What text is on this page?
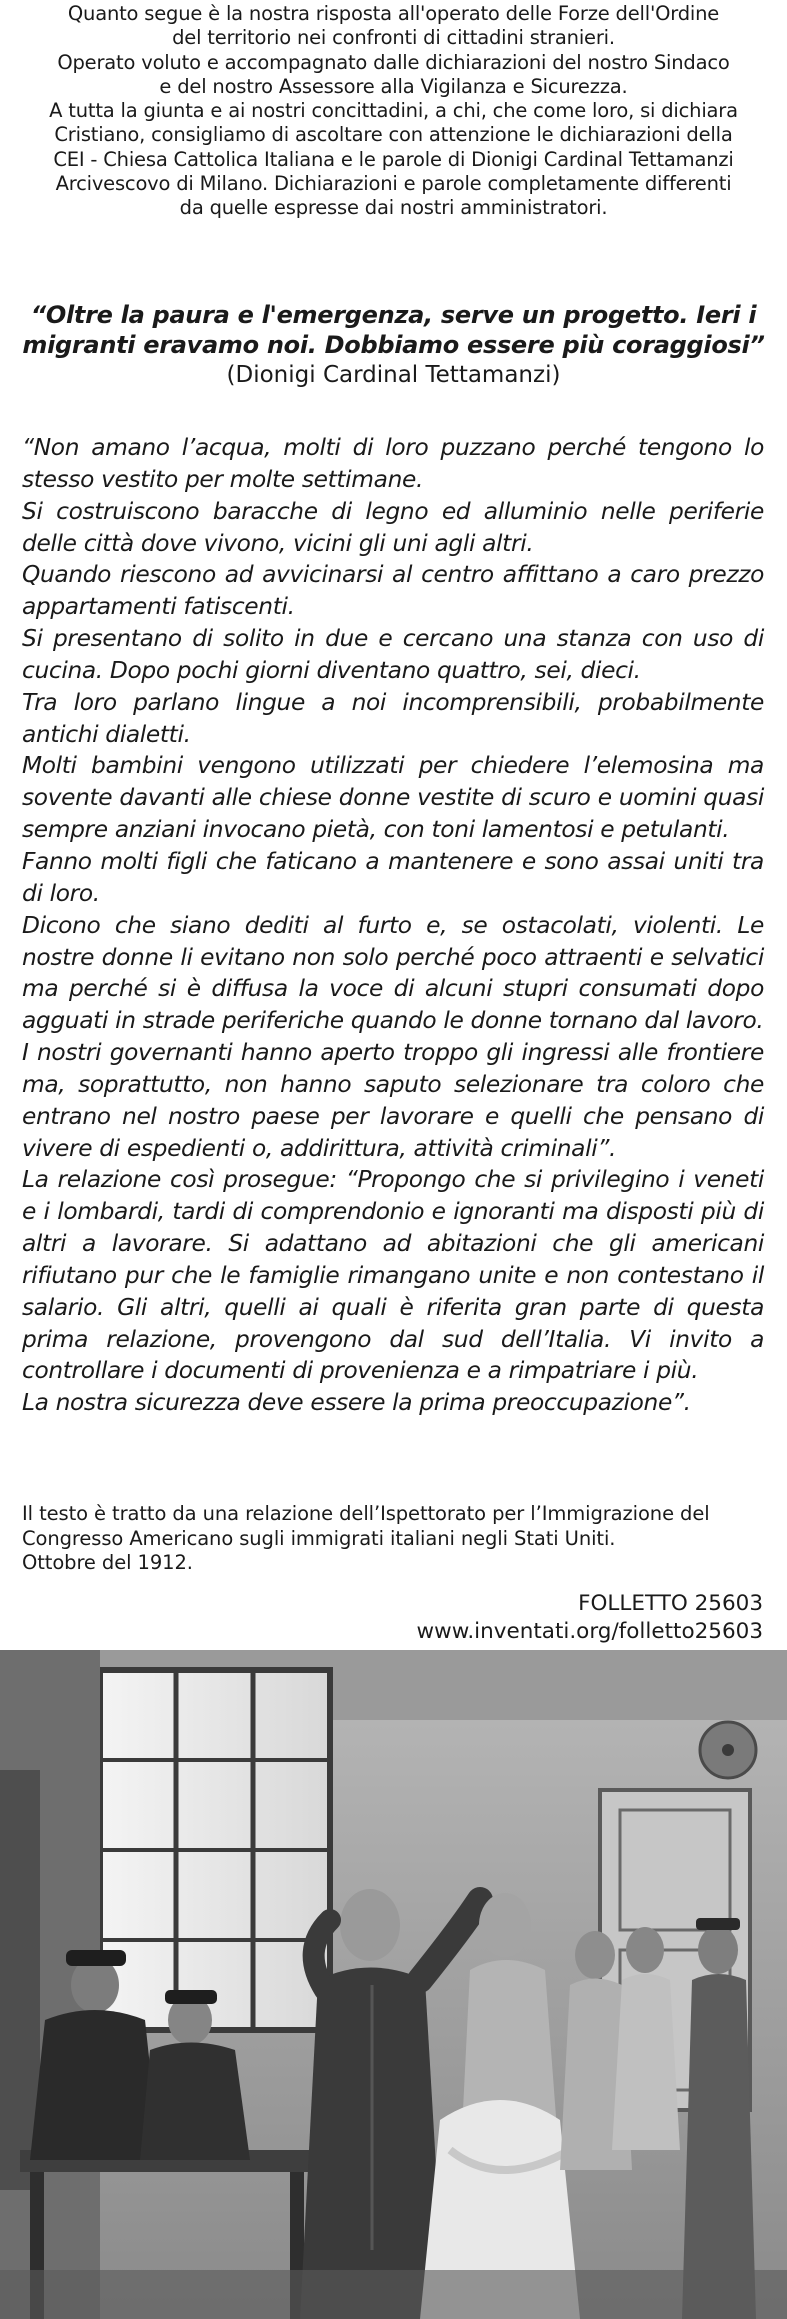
Quanto segue è la nostra risposta all'operato delle Forze dell'Ordine

del territorio nei confronti di cittadini stranieri.

Operato voluto e accompagnato dalle dichiarazioni del nostro Sindaco

e del nostro Assessore alla Vigilanza e Sicurezza.

A tutta la giunta e ai nostri concittadini, a chi, che come loro, si dichiara

Cristiano, consigliamo di ascoltare con attenzione le dichiarazioni della

CEI - Chiesa Cattolica Italiana e le parole di Dionigi Cardinal Tettamanzi

Arcivescovo di Milano. Dichiarazioni e parole completamente differenti

da quelle espresse dai nostri amministratori.

“Oltre la paura e l'emergenza, serve un progetto. Ieri i

migranti eravamo noi. Dobbiamo essere più coraggiosi”

(Dionigi Cardinal Tettamanzi)

“Non amano l’acqua, molti di loro puzzano perché tengono lo stesso vestito per molte settimane.

Si costruiscono baracche di legno ed alluminio nelle periferie delle città dove vivono, vicini gli uni agli altri.

Quando riescono ad avvicinarsi al centro affittano a caro prezzo appartamenti fatiscenti.

Si presentano di solito in due e cercano una stanza con uso di cucina. Dopo pochi giorni diventano quattro, sei, dieci.

Tra loro parlano lingue a noi incomprensibili, probabilmente antichi dialetti.

Molti bambini vengono utilizzati per chiedere l’elemosina ma sovente davanti alle chiese donne vestite di scuro e uomini quasi sempre anziani invocano pietà, con toni lamentosi e petulanti.

Fanno molti figli che faticano a mantenere e sono assai uniti tra di loro.

Dicono che siano dediti al furto e, se ostacolati, violenti. Le nostre donne li evitano non solo perché poco attraenti e selvatici ma perché si è diffusa la voce di alcuni stupri consumati dopo agguati in strade periferiche quando le donne tornano dal lavoro.

I nostri governanti hanno aperto troppo gli ingressi alle frontiere ma, soprattutto, non hanno saputo selezionare tra coloro che entrano nel nostro paese per lavorare e quelli che pensano di vivere di espedienti o, addirittura, attività criminali”.

La relazione così prosegue: “Propongo che si privilegino i veneti e i lombardi, tardi di comprendonio e ignoranti ma disposti più di altri a lavorare. Si adattano ad abitazioni che gli americani rifiutano pur che le famiglie rimangano unite e non contestano il salario. Gli altri, quelli ai quali è riferita gran parte di questa prima relazione, provengono dal sud dell’Italia. Vi invito a controllare i documenti di provenienza e a rimpatriare i più.

La nostra sicurezza deve essere la prima preoccupazione”.

Il testo è tratto da una relazione dell’Ispettorato per l’Immigrazione del

Congresso Americano sugli immigrati italiani negli Stati Uniti.

Ottobre del 1912.

FOLLETTO 25603

www.inventati.org/folletto25603
